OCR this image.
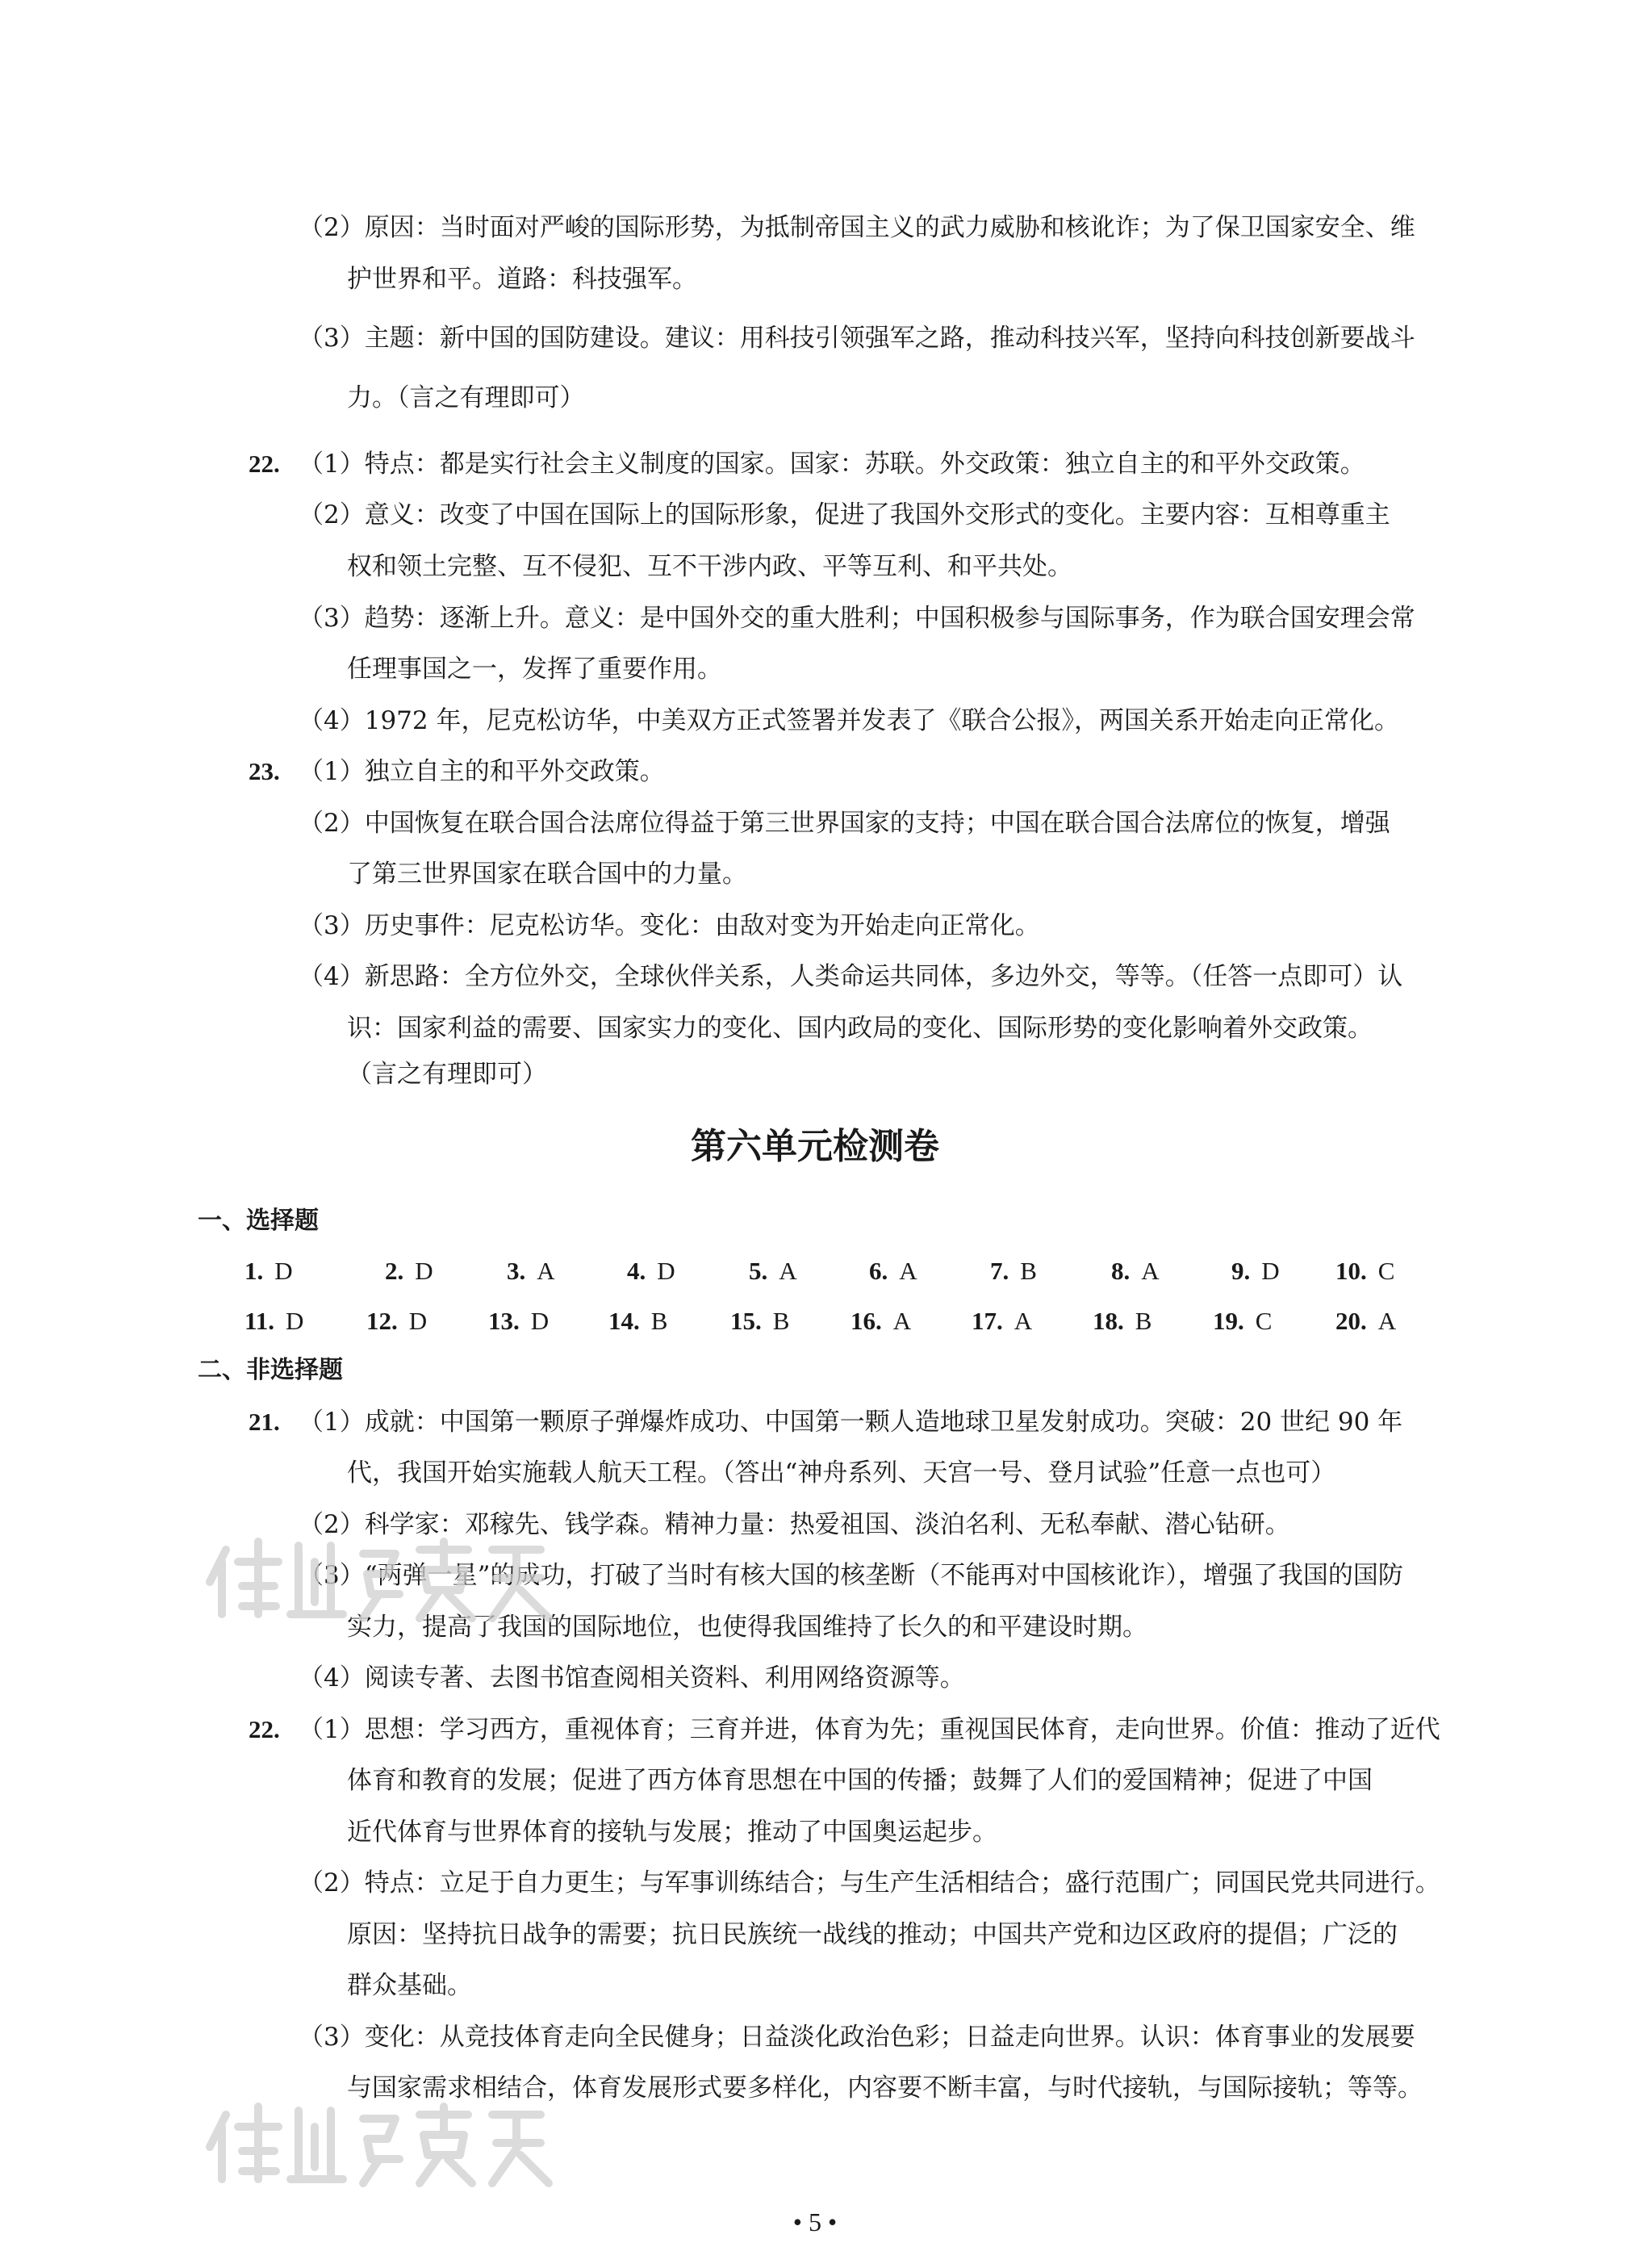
（2）原因：当时面对严峻的国际形势，为抵制帝国主义的武力威胁和核讹诈；为了保卫国家安全、维
护世界和平。道路：科技强军。
（3）主题：新中国的国防建设。建议：用科技引领强军之路，推动科技兴军，坚持向科技创新要战斗
力。（言之有理即可）
22. （1）特点：都是实行社会主义制度的国家。国家：苏联。外交政策：独立自主的和平外交政策。
（2）意义：改变了中国在国际上的国际形象，促进了我国外交形式的变化。主要内容：互相尊重主
权和领土完整、互不侵犯、互不干涉内政、平等互利、和平共处。
（3）趋势：逐渐上升。意义：是中国外交的重大胜利；中国积极参与国际事务，作为联合国安理会常
任理事国之一，发挥了重要作用。
（4）1972 年，尼克松访华，中美双方正式签署并发表了《联合公报》，两国关系开始走向正常化。
23. （1）独立自主的和平外交政策。
（2）中国恢复在联合国合法席位得益于第三世界国家的支持；中国在联合国合法席位的恢复，增强
了第三世界国家在联合国中的力量。
（3）历史事件：尼克松访华。变化：由敌对变为开始走向正常化。
（4）新思路：全方位外交，全球伙伴关系，人类命运共同体，多边外交，等等。（任答一点即可）认
识：国家利益的需要、国家实力的变化、国内政局的变化、国际形势的变化影响着外交政策。
（言之有理即可）
第六单元检测卷
一、选择题
1. D	2. D	3. A	4. D	5. A	6. A	7. B	8. A	9. D 10. C
11. D	12. D 13. D 14. B	15. B 16. A 17. A 18. B 19. C	20. A
二、非选择题
21. （1）成就：中国第一颗原子弹爆炸成功、中国第一颗人造地球卫星发射成功。突破：20 世纪 90 年
代，我国开始实施载人航天工程。（答出“神舟系列、天宫一号、登月试验”任意一点也可）
（2）科学家：邓稼先、钱学森。精神力量：热爱祖国、淡泊名利、无私奉献、潜心钻研。
（3）“两弹一星”的成功，打破了当时有核大国的核垄断（不能再对中国核讹诈），增强了我国的国防
实力，提高了我国的国际地位，也使得我国维持了长久的和平建设时期。
（4）阅读专著、去图书馆查阅相关资料、利用网络资源等。
22. （1）思想：学习西方，重视体育；三育并进，体育为先；重视国民体育，走向世界。价值：推动了近代
体育和教育的发展；促进了西方体育思想在中国的传播；鼓舞了人们的爱国精神；促进了中国
近代体育与世界体育的接轨与发展；推动了中国奥运起步。
（2）特点：立足于自力更生；与军事训练结合；与生产生活相结合；盛行范围广；同国民党共同进行。
原因：坚持抗日战争的需要；抗日民族统一战线的推动；中国共产党和边区政府的提倡；广泛的
群众基础。
（3）变化：从竞技体育走向全民健身；日益淡化政治色彩；日益走向世界。认识：体育事业的发展要
与国家需求相结合，体育发展形式要多样化，内容要不断丰富，与时代接轨，与国际接轨；等等。
• 5 •
